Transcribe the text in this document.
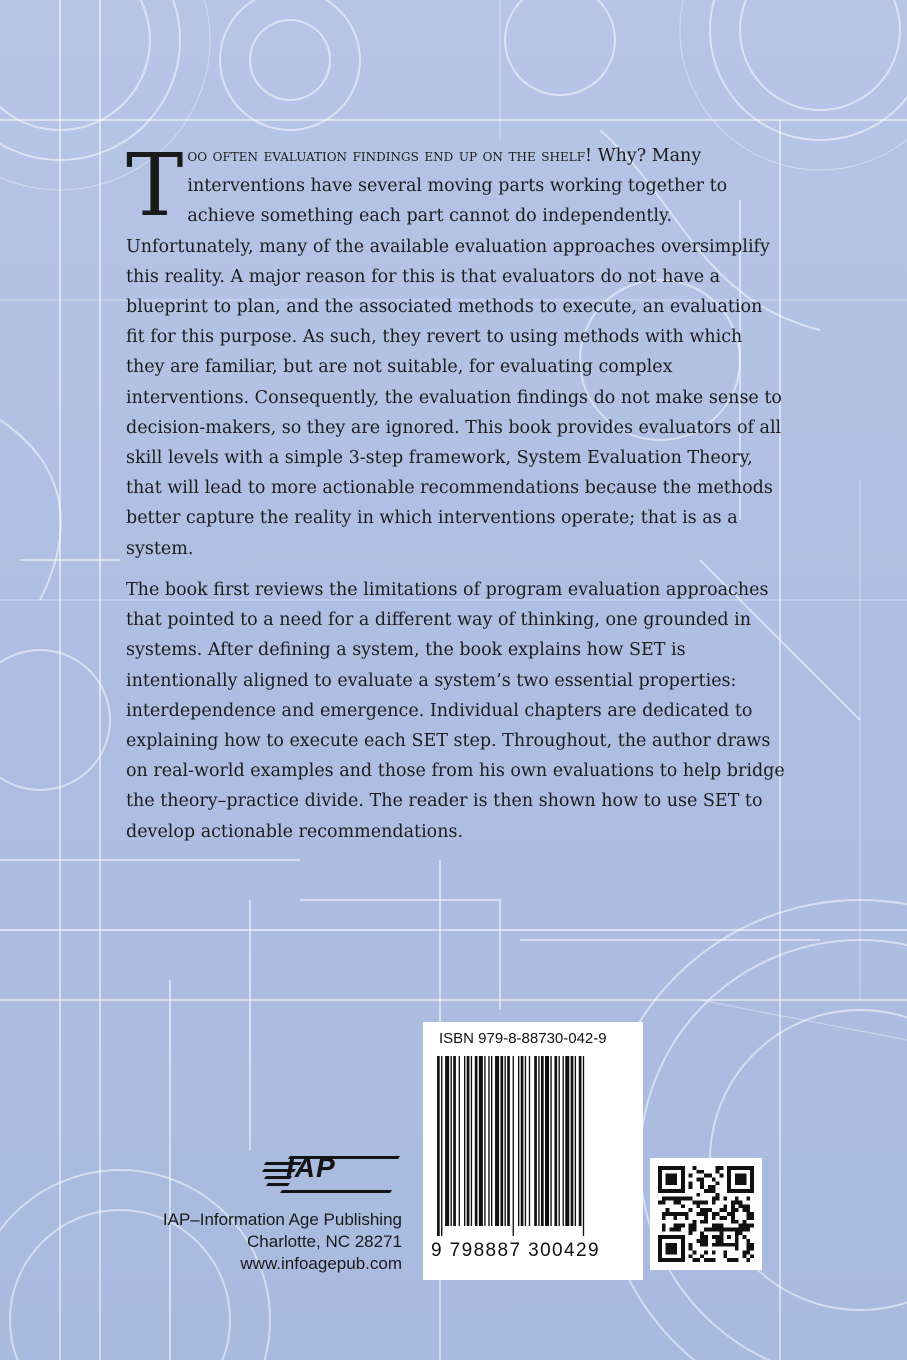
Too often evaluation findings end up on the shelf! Why? Many interventions have several moving parts working together to achieve something each part cannot do independently. Unfortunately, many of the available evaluation approaches oversimplify this reality. A major reason for this is that evaluators do not have a blueprint to plan, and the associated methods to execute, an evaluation fit for this purpose. As such, they revert to using methods with which they are familiar, but are not suitable, for evaluating complex interventions. Consequently, the evaluation findings do not make sense to decision-makers, so they are ignored. This book provides evaluators of all skill levels with a simple 3-step framework, System Evaluation Theory, that will lead to more actionable recommendations because the methods better capture the reality in which interventions operate; that is as a system.

The book first reviews the limitations of program evaluation approaches that pointed to a need for a different way of thinking, one grounded in systems. After defining a system, the book explains how SET is intentionally aligned to evaluate a system’s two essential properties: interdependence and emergence. Individual chapters are dedicated to explaining how to execute each SET step. Throughout, the author draws on real-world examples and those from his own evaluations to help bridge the theory–practice divide. The reader is then shown how to use SET to develop actionable recommendations.

IAP
IAP–Information Age Publishing
Charlotte, NC 28271
www.infoagepub.com
ISBN 979-8-88730-042-9
9 798887 300429
